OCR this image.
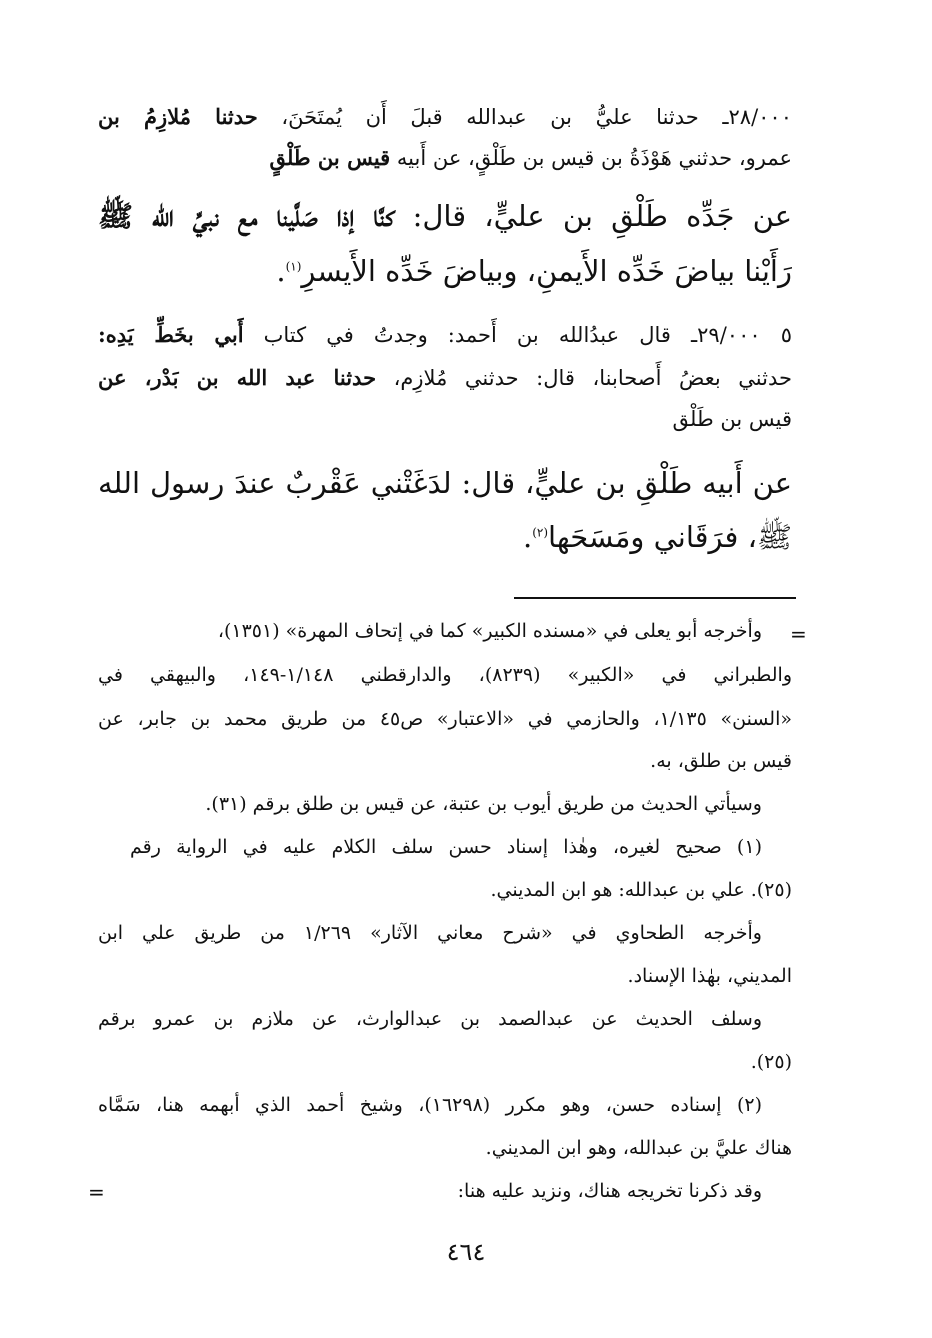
٢٨/٠٠٠ـ حدثنا عليُّ بن عبدالله قبلَ أَن يُمتَحَنَ، حدثنا مُلازِمُ بن
عمرو، حدثني هَوْذَةُ بن قيس بن طَلْقٍ، عن أَبيه قيس بن طَلْقٍ
عن جَدِّه طَلْقِ بن عليٍّ، قال: كنَّا إذا صَلَّينا مع نبيِّ الله ﷺ
رَأَيْنا بياضَ خَدِّه الأَيمنِ، وبياضَ خَدِّه الأَيسرِ$^{(١)}$.
٥ ٢٩/٠٠٠ـ قال عبدُالله بن أَحمد: وجدتُ في كتاب أَبي بخَطِّ يَدِه:
حدثني بعضُ أَصحابنا، قال: حدثني مُلازِم، حدثنا عبد الله بن بَدْر، عن
قيس بن طَلْق
عن أَبيه طَلْقِ بن عليٍّ، قال: لدَغَتْني عَقْربٌ عندَ رسول الله
ﷺ، فرَقَاني ومَسَحَها$^{(٢)}$.
=
وأخرجه أبو يعلى في «مسنده الكبير» كما في إتحاف المهرة» (١٣٥١)،
والطبراني في «الكبير» (٨٢٣٩)، والدارقطني ١/١٤٨-١٤٩، والبيهقي في
«السنن» ١/١٣٥، والحازمي في «الاعتبار» ص٤٥ من طريق محمد بن جابر، عن
قيس بن طلق، به.
وسيأتي الحديث من طريق أيوب بن عتبة، عن قيس بن طلق برقم (٣١).
(١) صحيح لغيره، وهٰذا إسناد حسن سلف الكلام عليه في الرواية رقم
(٢٥). علي بن عبدالله: هو ابن المديني.
وأخرجه الطحاوي في «شرح معاني الآثار» ١/٢٦٩ من طريق علي ابن
المديني، بهٰذا الإسناد.
وسلف الحديث عن عبدالصمد بن عبدالوارث، عن ملازم بن عمرو برقم
(٢٥).
(٢) إسناده حسن، وهو مكرر (١٦٢٩٨)، وشيخ أحمد الذي أبهمه هنا، سَمَّاه
هناك عليَّ بن عبدالله، وهو ابن المديني.
وقد ذكرنا تخريجه هناك، ونزيد عليه هنا:
=
٤٦٤
